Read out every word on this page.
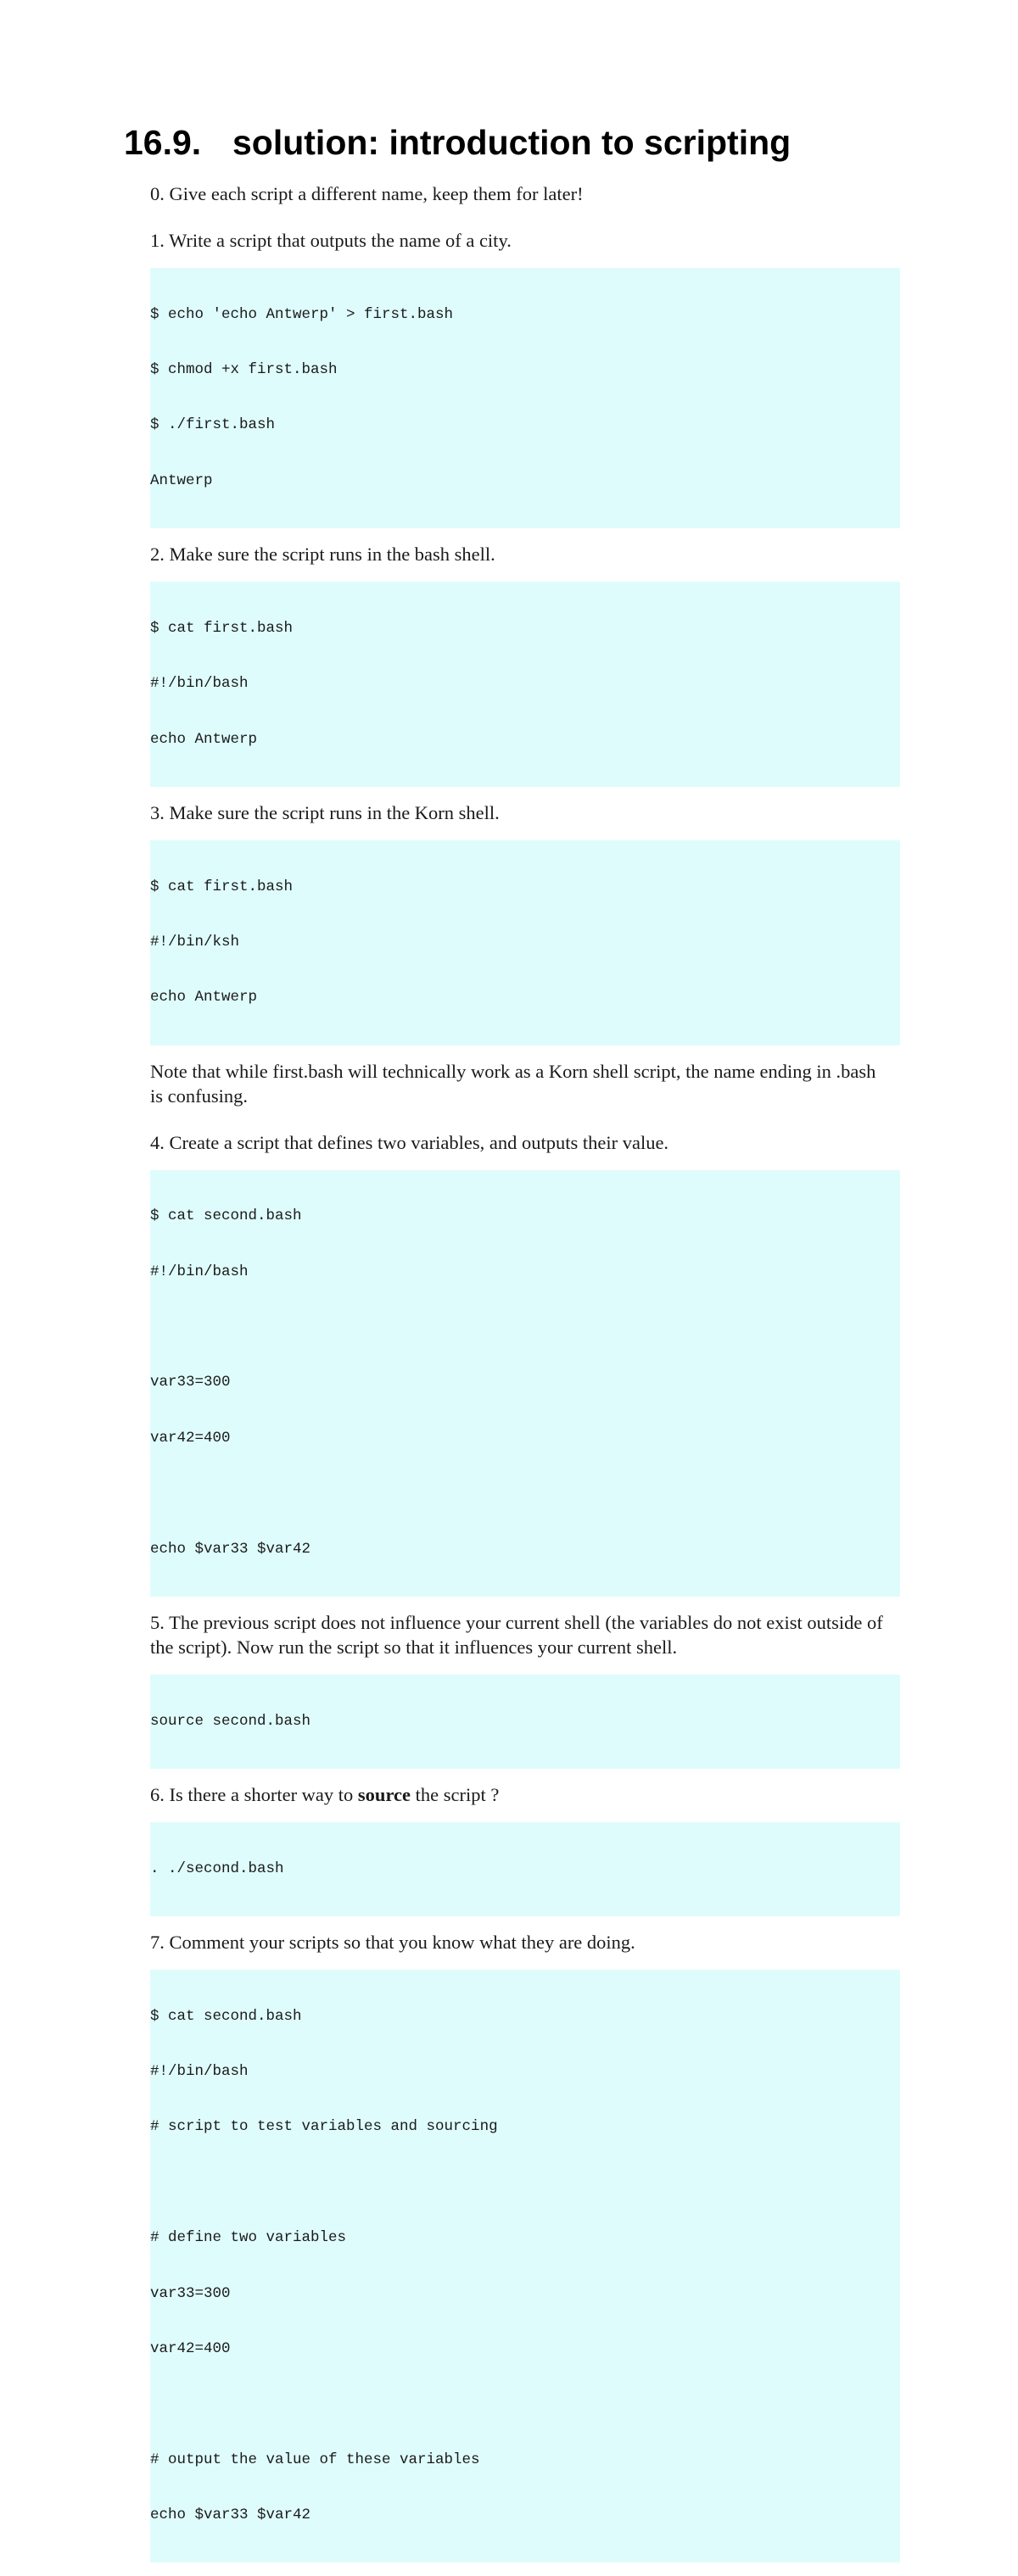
16.9. solution: introduction to scripting

0. Give each script a different name, keep them for later!

1. Write a script that outputs the name of a city.

$ echo 'echo Antwerp' > first.bash

$ chmod +x first.bash

$ ./first.bash

Antwerp

2. Make sure the script runs in the bash shell.

$ cat first.bash

#!/bin/bash

echo Antwerp

3. Make sure the script runs in the Korn shell.

$ cat first.bash

#!/bin/ksh

echo Antwerp

Note that while first.bash will technically work as a Korn shell script, the name ending in .bash is confusing.

4. Create a script that defines two variables, and outputs their value.

$ cat second.bash

#!/bin/bash

var33=300

var42=400

echo $var33 $var42

5. The previous script does not influence your current shell (the variables do not exist outside of the script). Now run the script so that it influences your current shell.

source second.bash

6. Is there a shorter way to source the script ?

. ./second.bash

7. Comment your scripts so that you know what they are doing.

$ cat second.bash

#!/bin/bash

# script to test variables and sourcing

# define two variables

var33=300

var42=400

# output the value of these variables

echo $var33 $var42
